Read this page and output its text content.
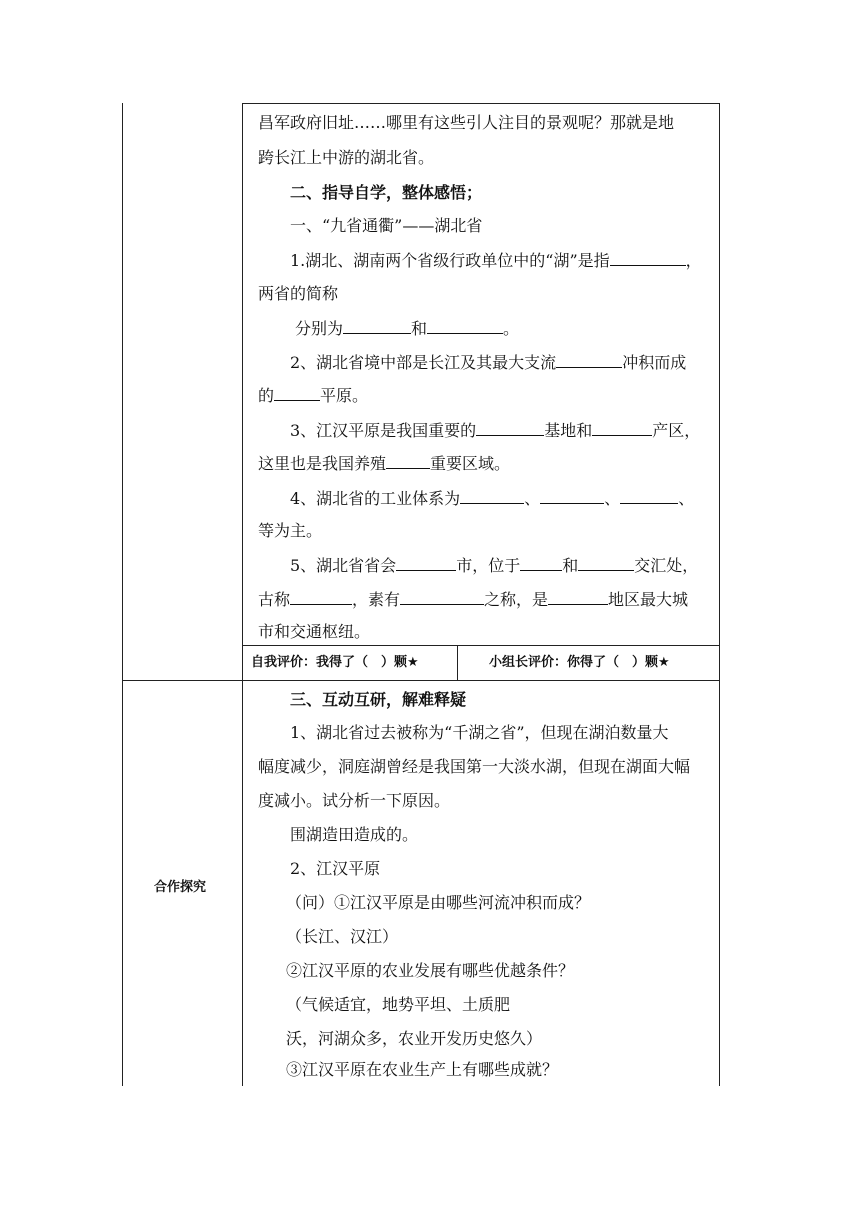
昌军政府旧址……哪里有这些引人注目的景观呢？那就是地
跨长江上中游的湖北省。
二、指导自学，整体感悟；
一、“九省通衢”——湖北省
1.湖北、湖南两个省级行政单位中的“湖”是指	，
两省的简称
分别为	和	。
2、湖北省境中部是长江及其最大支流	冲积而成
的	平原。
3、江汉平原是我国重要的	基地和	产区，
这里也是我国养殖	重要区域。
4、湖北省的工业体系为	、	、	、
等为主。
5、湖北省省会	市，位于	和	交汇处，
古称	，素有	之称，是	地区最大城
市和交通枢纽。
自我评价：我得了（　）颗★	小组长评价：你得了（　）颗★
合作探究
三、互动互研，解难释疑
1、湖北省过去被称为“千湖之省”，但现在湖泊数量大
幅度减少，洞庭湖曾经是我国第一大淡水湖，但现在湖面大幅
度减小。试分析一下原因。
围湖造田造成的。
2、江汉平原
（问）①江汉平原是由哪些河流冲积而成？
（长江、汉江）
②江汉平原的农业发展有哪些优越条件？
（气候适宜，地势平坦、土质肥
沃，河湖众多，农业开发历史悠久）
③江汉平原在农业生产上有哪些成就？
